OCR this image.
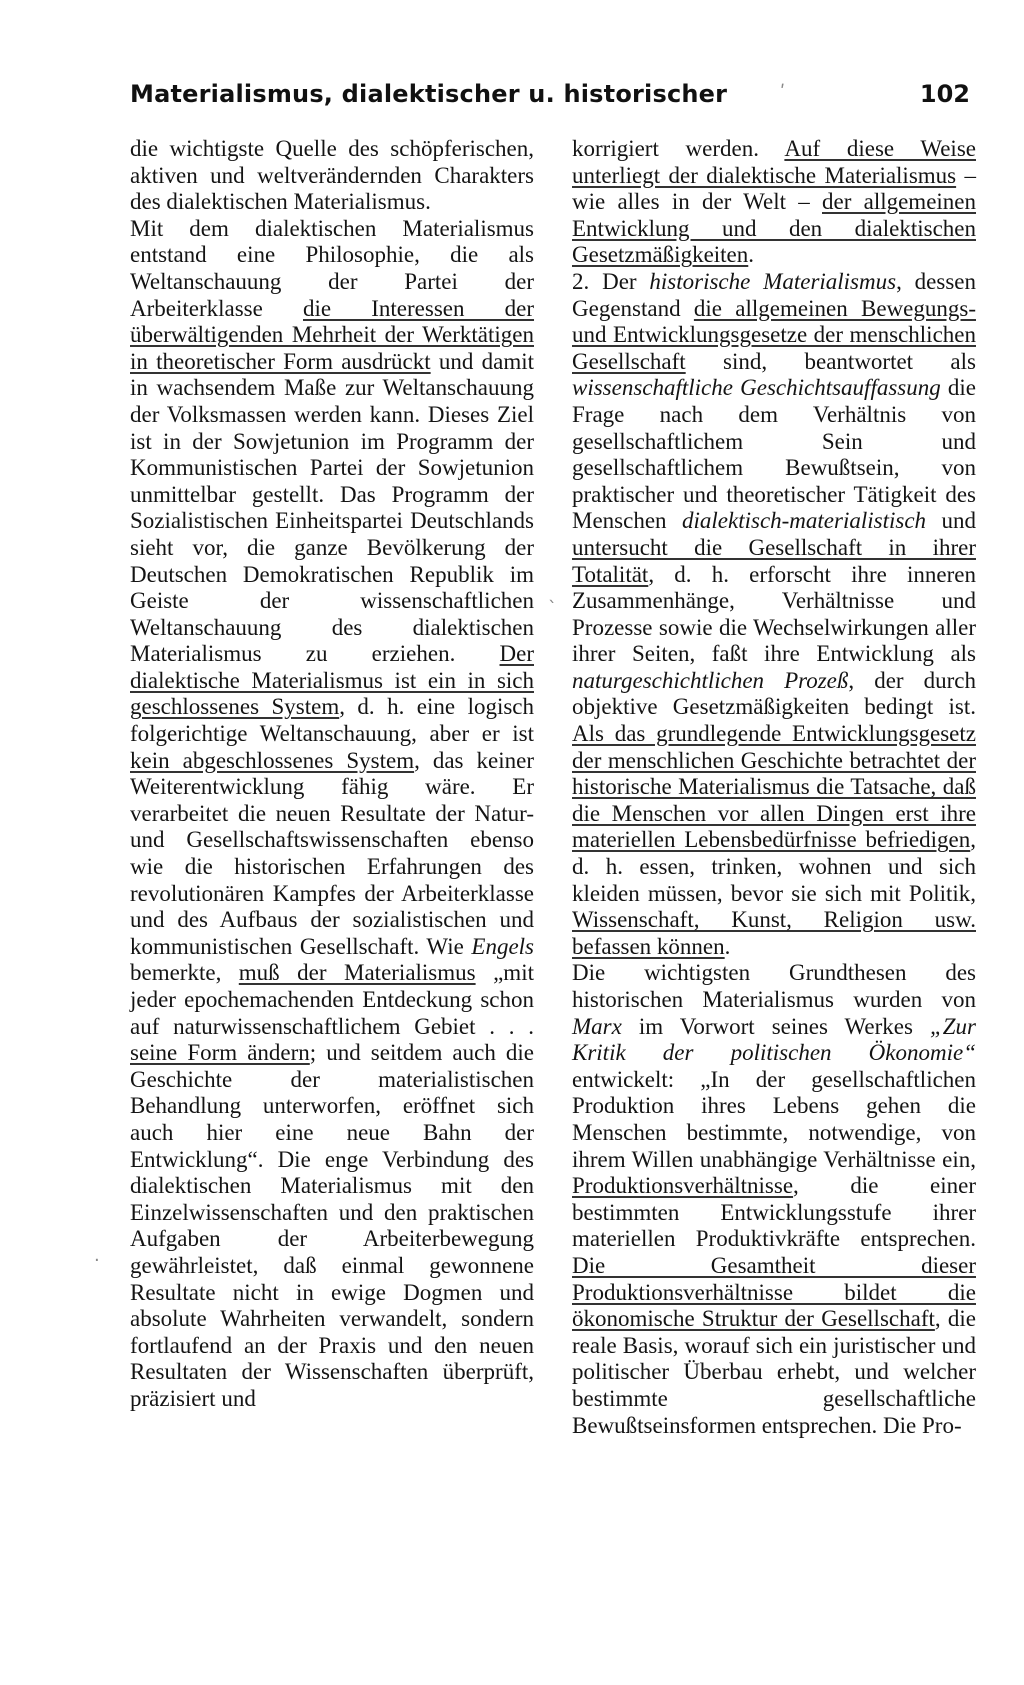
Materialismus, dialektischer u. historischer	102

die wichtigste Quelle des schöpferischen, aktiven und weltverändernden Charakters des dialektischen Materialismus.

Mit dem dialektischen Materialismus entstand eine Philosophie, die als Weltanschauung der Partei der Arbeiterklasse die Interessen der überwältigenden Mehrheit der Werktätigen in theoretischer Form ausdrückt und damit in wachsendem Maße zur Weltanschauung der Volksmassen werden kann. Dieses Ziel ist in der Sowjetunion im Programm der Kommunistischen Partei der Sowjetunion unmittelbar gestellt. Das Programm der Sozialistischen Einheitspartei Deutschlands sieht vor, die ganze Bevölkerung der Deutschen Demokratischen Republik im Geiste der wissenschaftlichen Weltanschauung des dialektischen Materialismus zu erziehen. Der dialektische Materialismus ist ein in sich geschlossenes System, d. h. eine logisch folgerichtige Weltanschauung, aber er ist kein abgeschlossenes System, das keiner Weiterentwicklung fähig wäre. Er verarbeitet die neuen Resultate der Natur- und Gesellschaftswissenschaften ebenso wie die historischen Erfahrungen des revolutionären Kampfes der Arbeiterklasse und des Aufbaus der sozialistischen und kommunistischen Gesellschaft. Wie Engels bemerkte, muß der Materialismus „mit jeder epochemachenden Entdeckung schon auf naturwissenschaftlichem Gebiet . . . seine Form ändern; und seitdem auch die Geschichte der materialistischen Behandlung unterworfen, eröffnet sich auch hier eine neue Bahn der Entwicklung“. Die enge Verbindung des dialektischen Materialismus mit den Einzelwissenschaften und den praktischen Aufgaben der Arbeiterbewegung gewährleistet, daß einmal gewonnene Resultate nicht in ewige Dogmen und absolute Wahrheiten verwandelt, sondern fortlaufend an der Praxis und den neuen Resultaten der Wissenschaften überprüft, präzisiert und

korrigiert werden. Auf diese Weise unterliegt der dialektische Materialismus – wie alles in der Welt – der allgemeinen Entwicklung und den dialektischen Gesetzmäßigkeiten.

2. Der historische Materialismus, dessen Gegenstand die allgemeinen Bewegungs- und Entwicklungsgesetze der menschlichen Gesellschaft sind, beantwortet als wissenschaftliche Geschichtsauffassung die Frage nach dem Verhältnis von gesellschaftlichem Sein und gesellschaftlichem Bewußtsein, von praktischer und theoretischer Tätigkeit des Menschen dialektisch-materialistisch und untersucht die Gesellschaft in ihrer Totalität, d. h. erforscht ihre inneren Zusammenhänge, Verhältnisse und Prozesse sowie die Wechselwirkungen aller ihrer Seiten, faßt ihre Entwicklung als naturgeschichtlichen Prozeß, der durch objektive Gesetzmäßigkeiten bedingt ist. Als das grundlegende Entwicklungsgesetz der menschlichen Geschichte betrachtet der historische Materialismus die Tatsache, daß die Menschen vor allen Dingen erst ihre materiellen Lebensbedürfnisse befriedigen, d. h. essen, trinken, wohnen und sich kleiden müssen, bevor sie sich mit Politik, Wissenschaft, Kunst, Religion usw. befassen können.

Die wichtigsten Grundthesen des historischen Materialismus wurden von Marx im Vorwort seines Werkes „Zur Kritik der politischen Ökonomie“ entwickelt: „In der gesellschaftlichen Produktion ihres Lebens gehen die Menschen bestimmte, notwendige, von ihrem Willen unabhängige Verhältnisse ein, Produktionsverhältnisse, die einer bestimmten Entwicklungsstufe ihrer materiellen Produktivkräfte entsprechen. Die Gesamtheit dieser Produktionsverhältnisse bildet die ökonomische Struktur der Gesellschaft, die reale Basis, worauf sich ein juristischer und politischer Überbau erhebt, und welcher bestimmte gesellschaftliche Bewußtseinsformen entsprechen. Die Pro-

ʹ
ˋ
·
